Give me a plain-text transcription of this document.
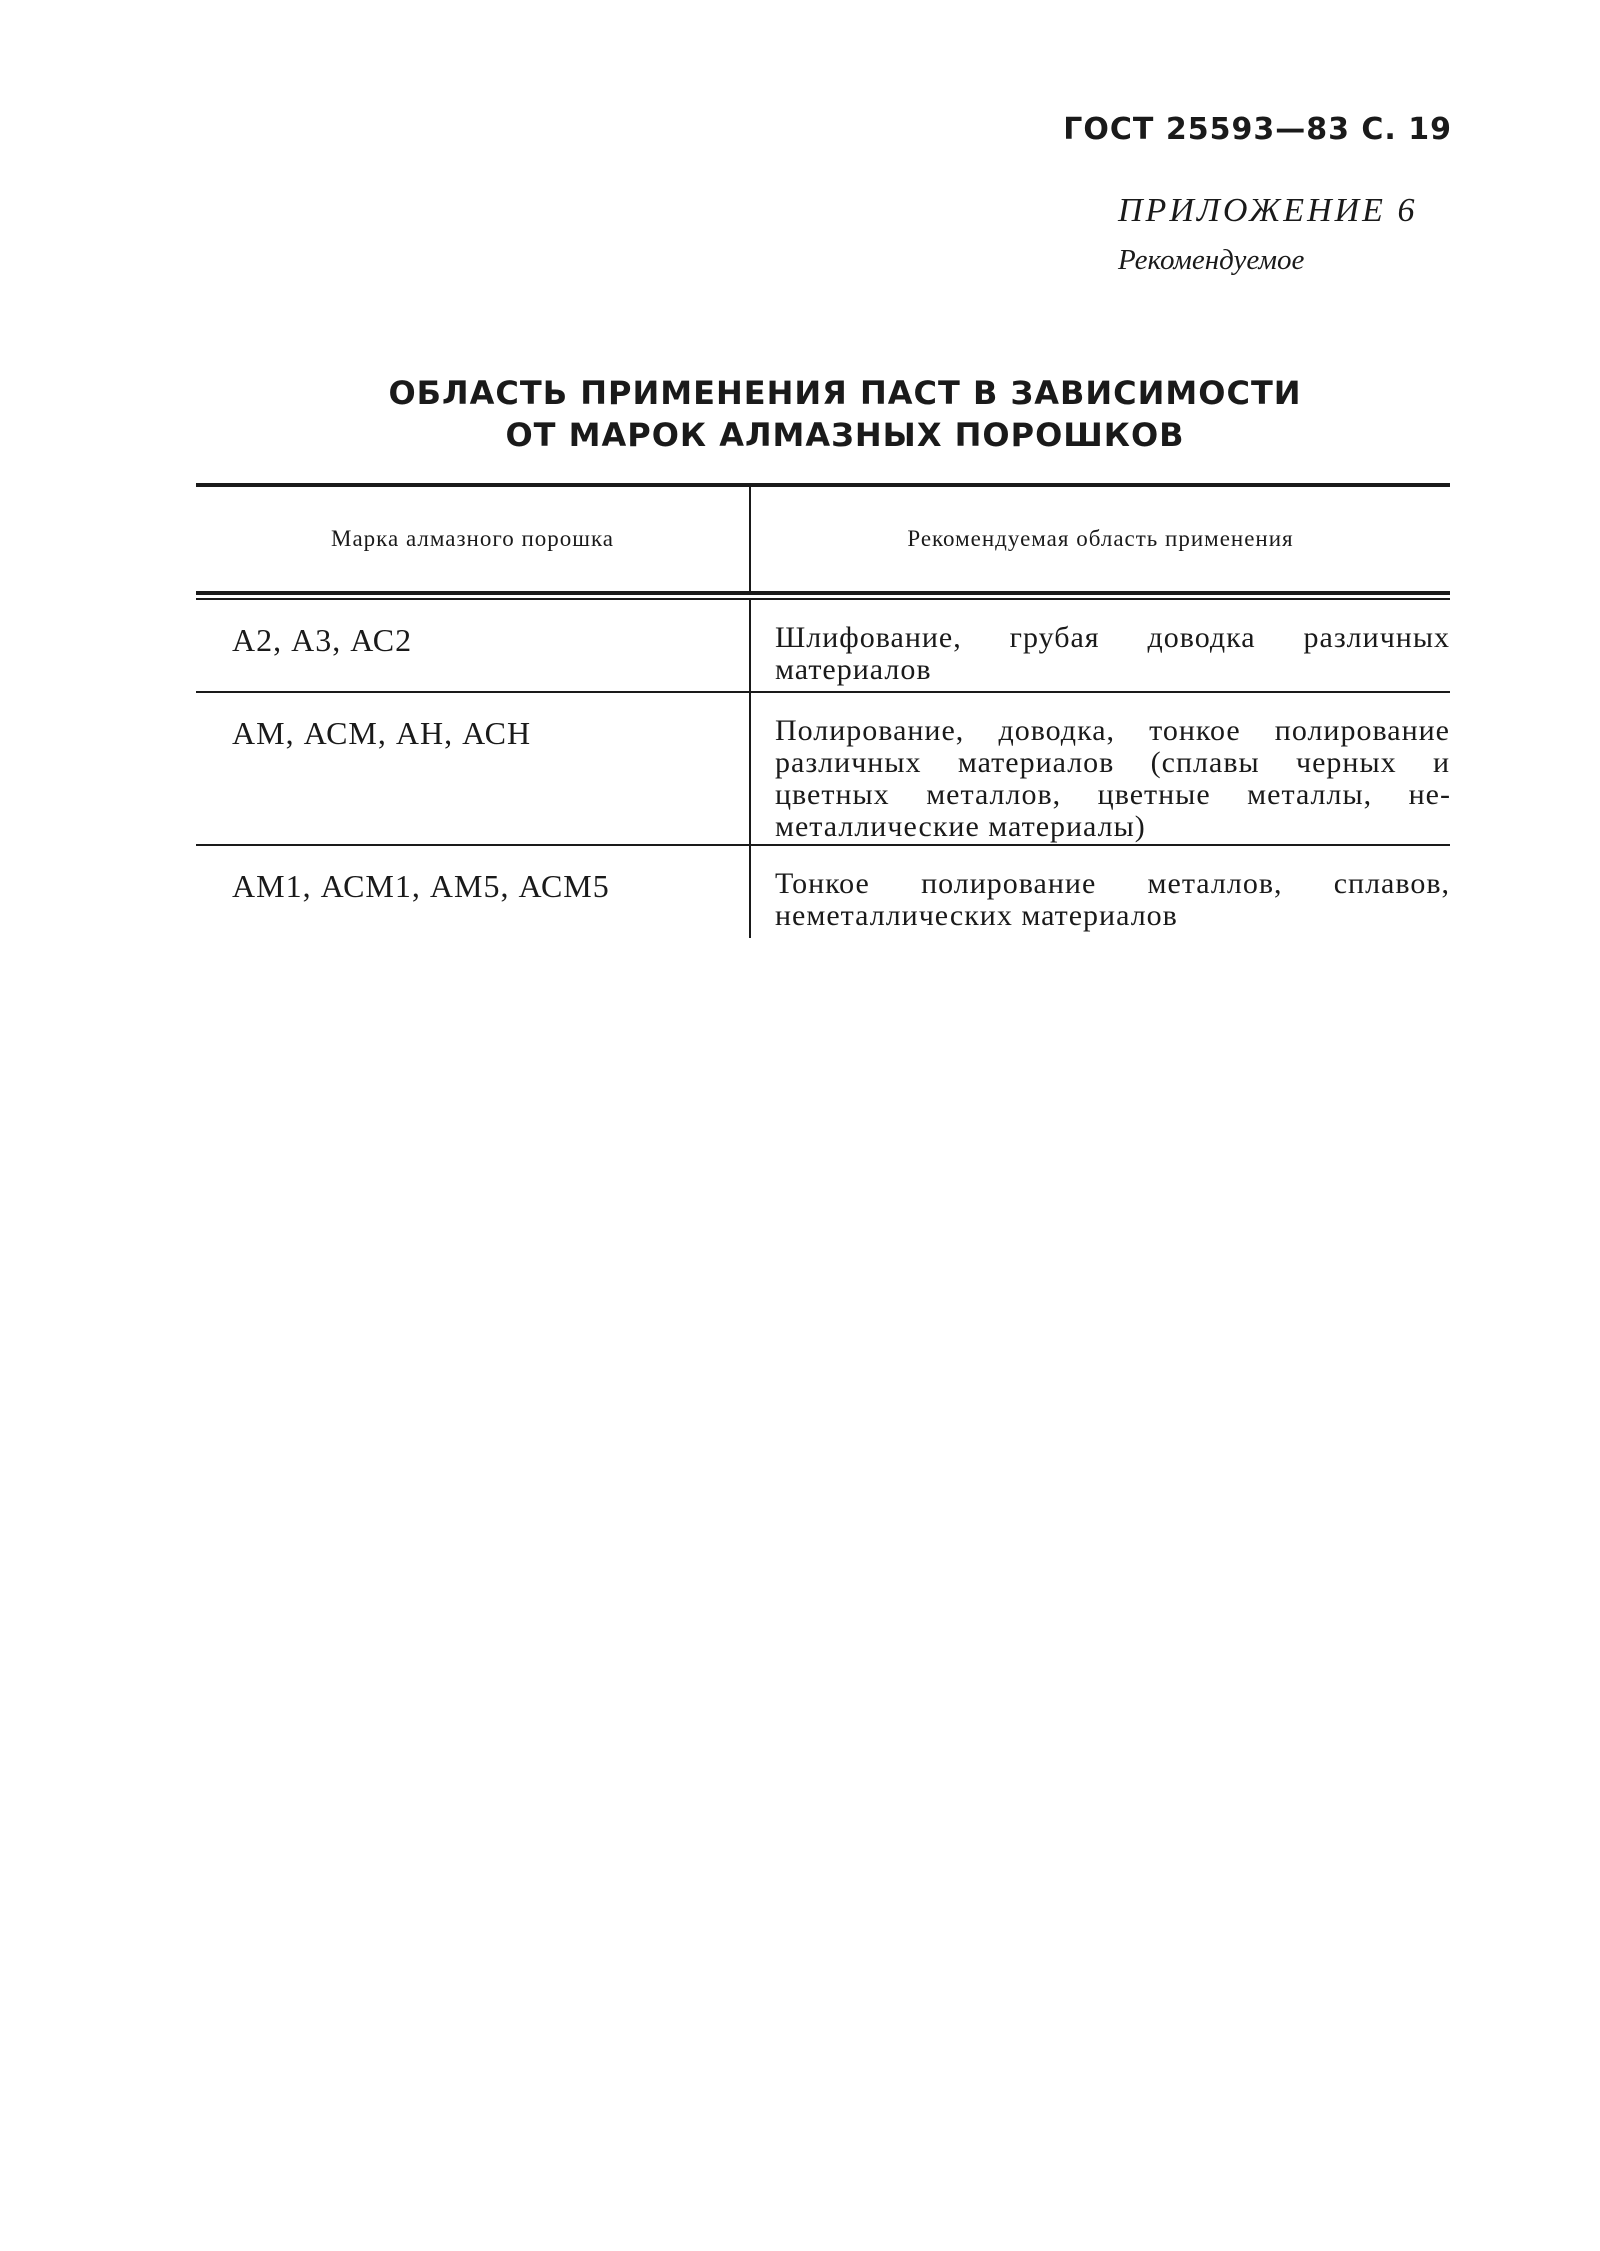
ГОСТ 25593—83 С. 19
ПРИЛОЖЕНИЕ 6
Рекомендуемое
ОБЛАСТЬ ПРИМЕНЕНИЯ ПАСТ В ЗАВИСИМОСТИ
ОТ МАРОК АЛМАЗНЫХ ПОРОШКОВ
Марка алмазного порошка	Рекомендуемая область применения
А2, А3, АС2	Шлифование, грубая доводка различных материалов
АМ, АСМ, АН, АСН	Полирование, доводка, тонкое полирование различных материалов (сплавы черных и цветных металлов, цветные металлы, неметаллические материалы)
АМ1, АСМ1, АМ5, АСМ5	Тонкое полирование металлов, сплавов, неметаллических материалов
